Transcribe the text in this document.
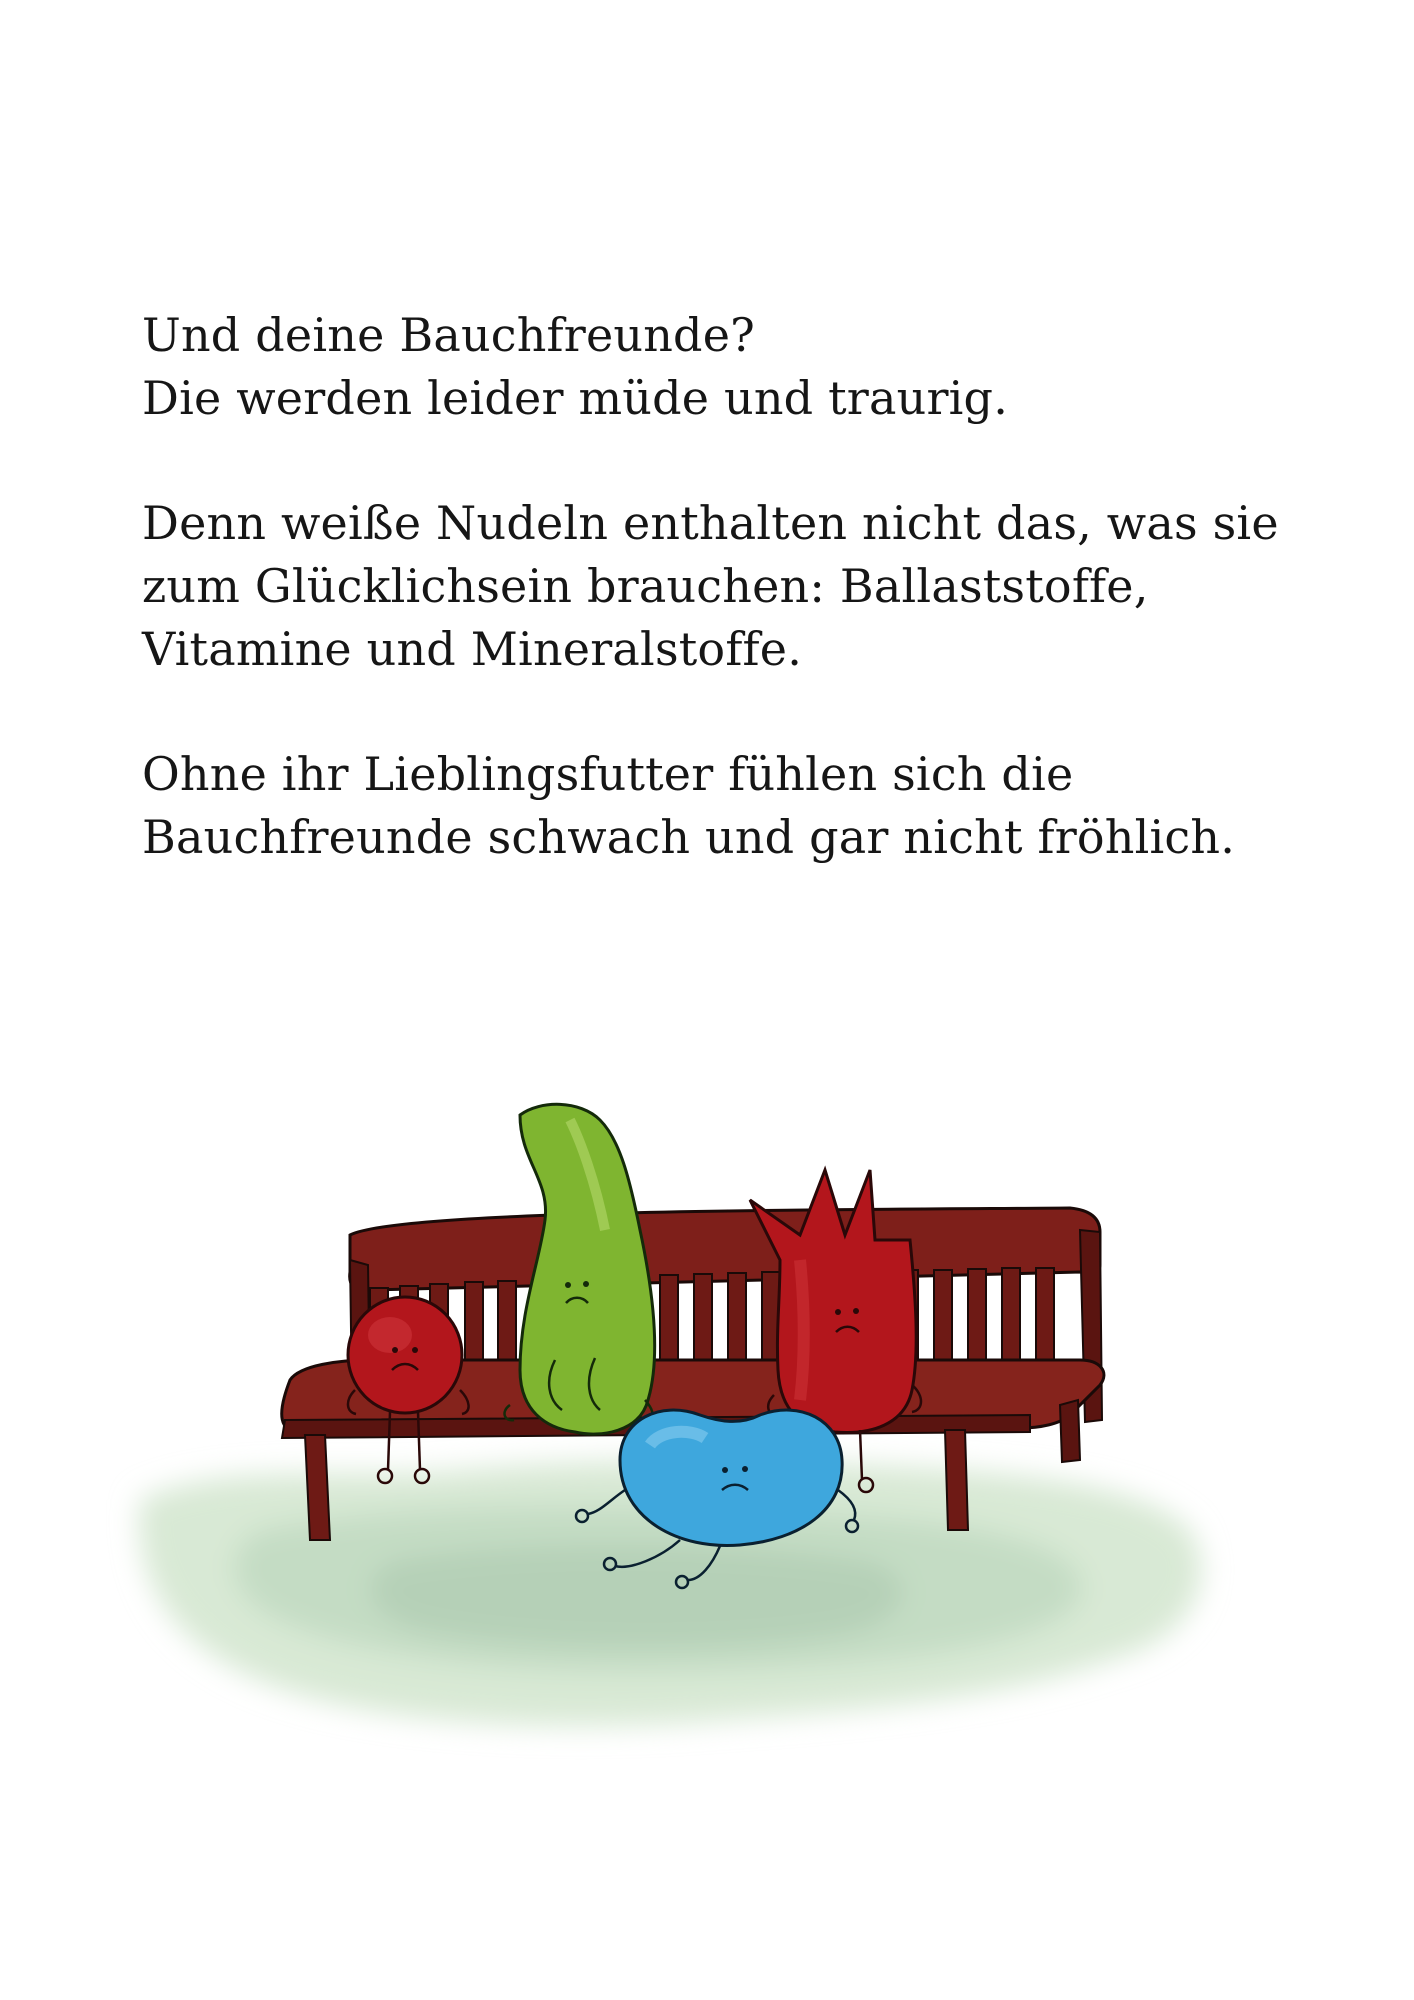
Und deine Bauchfreunde?
Die werden leider müde und traurig.

Denn weiße Nudeln enthalten nicht das, was sie
zum Glücklichsein brauchen: Ballaststoffe,
Vitamine und Mineralstoffe.

Ohne ihr Lieblingsfutter fühlen sich die
Bauchfreunde schwach und gar nicht fröhlich.
